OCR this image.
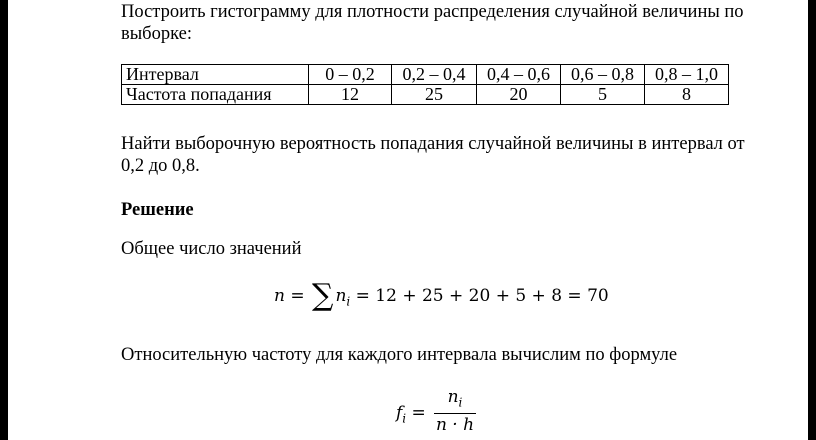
Построить гистограмму для плотности распределения случайной величины по выборке:

Интервал	0 – 0,2	0,2 – 0,4	0,4 – 0,6	0,6 – 0,8	0,8 – 1,0
Частота попадания	12	25	20	5	8

Найти выборочную вероятность попадания случайной величины в интервал от 0,2 до 0,8.

Решение

Общее число значений

n = ∑ $n_i = 12 + 25 + 20 + 5 + 8 = 70$

Относительную частоту для каждого интервала вычислим по формуле

$f_i$ =
$n_i$
n · h
